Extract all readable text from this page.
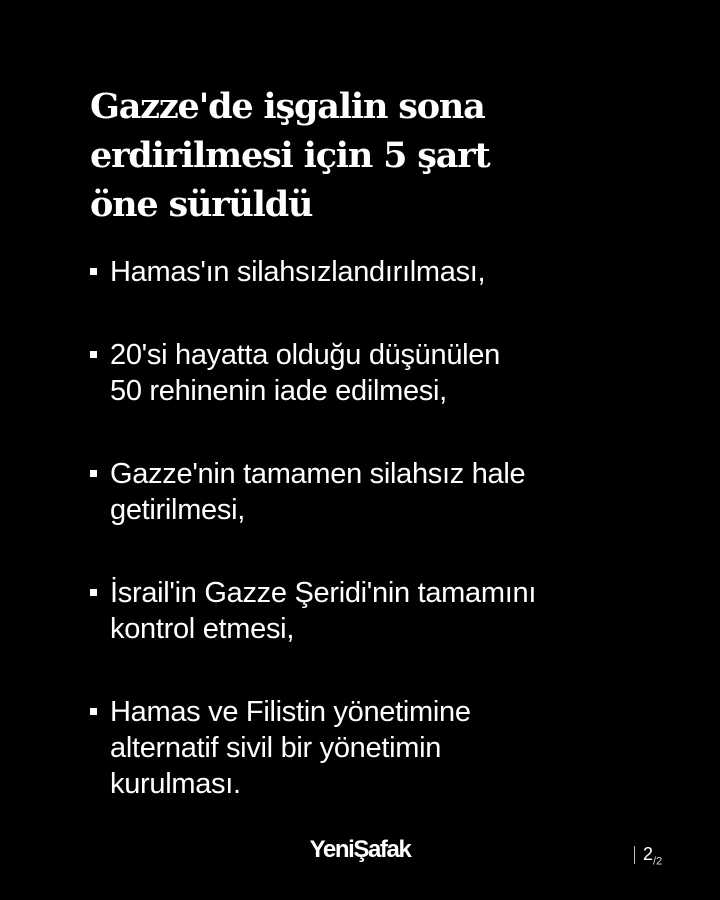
Gazze'de işgalin sona
erdirilmesi için 5 şart
öne sürüldü
Hamas'ın silahsızlandırılması,
20'si hayatta olduğu düşünülen
50 rehinenin iade edilmesi,
Gazze'nin tamamen silahsız hale
getirilmesi,
İsrail'in Gazze Şeridi'nin tamamını
kontrol etmesi,
Hamas ve Filistin yönetimine
alternatif sivil bir yönetimin
kurulması.
YeniŞafak	$2_{/2}$
